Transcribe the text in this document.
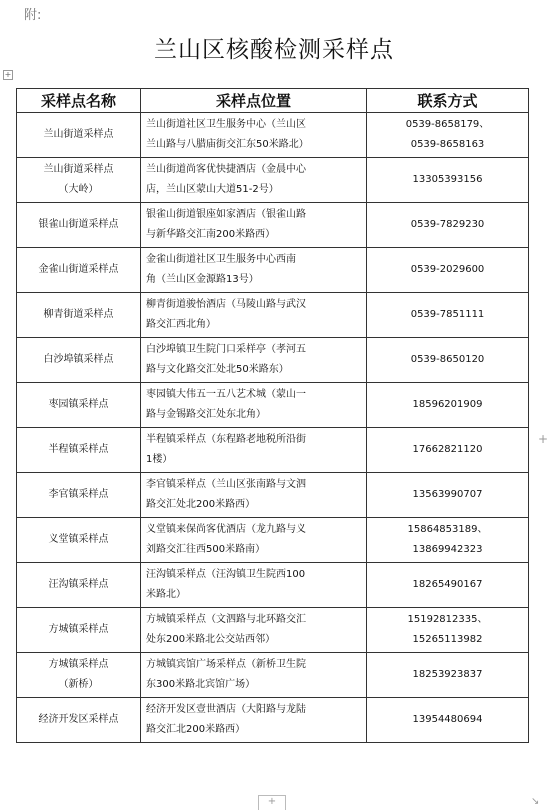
附:
兰山区核酸检测采样点
+
采样点名称	采样点位置	联系方式

兰山街道采样点	兰山街道社区卫生服务中心（兰山区
兰山路与八腊庙街交汇东50米路北）	0539-8658179、
0539-8658163

兰山街道采样点
（大岭）	兰山街道尚客优快捷酒店（金晨中心
店，兰山区蒙山大道51-2号）	13305393156

银雀山街道采样点	银雀山街道银座如家酒店（银雀山路
与新华路交汇南200米路西）	0539-7829230

金雀山街道采样点	金雀山街道社区卫生服务中心西南
角（兰山区金源路13号）	0539-2029600

柳青街道采样点	柳青街道骏怡酒店（马陵山路与武汉
路交汇西北角）	0539-7851111

白沙埠镇采样点	白沙埠镇卫生院门口采样亭（孝河五
路与文化路交汇处北50米路东）	0539-8650120

枣园镇采样点	枣园镇大伟五一五八艺术城（蒙山一
路与金锡路交汇处东北角）	18596201909

半程镇采样点	半程镇采样点（东程路老地税所沿街
1楼）	17662821120

李官镇采样点	李官镇采样点（兰山区张南路与文泗
路交汇处北200米路西）	13563990707

义堂镇采样点	义堂镇来保尚客优酒店（龙九路与义
刘路交汇往西500米路南）	15864853189、
13869942323

汪沟镇采样点	汪沟镇采样点（汪沟镇卫生院西100
米路北）	18265490167

方城镇采样点	方城镇采样点（文泗路与北环路交汇
处东200米路北公交站西邻）	15192812335、
15265113982

方城镇采样点
（新桥）	方城镇宾馆广场采样点（新桥卫生院
东300米路北宾馆广场）	18253923837

经济开发区采样点	经济开发区壹世酒店（大阳路与龙陆
路交汇北200米路西）	13954480694
+
+	↘
